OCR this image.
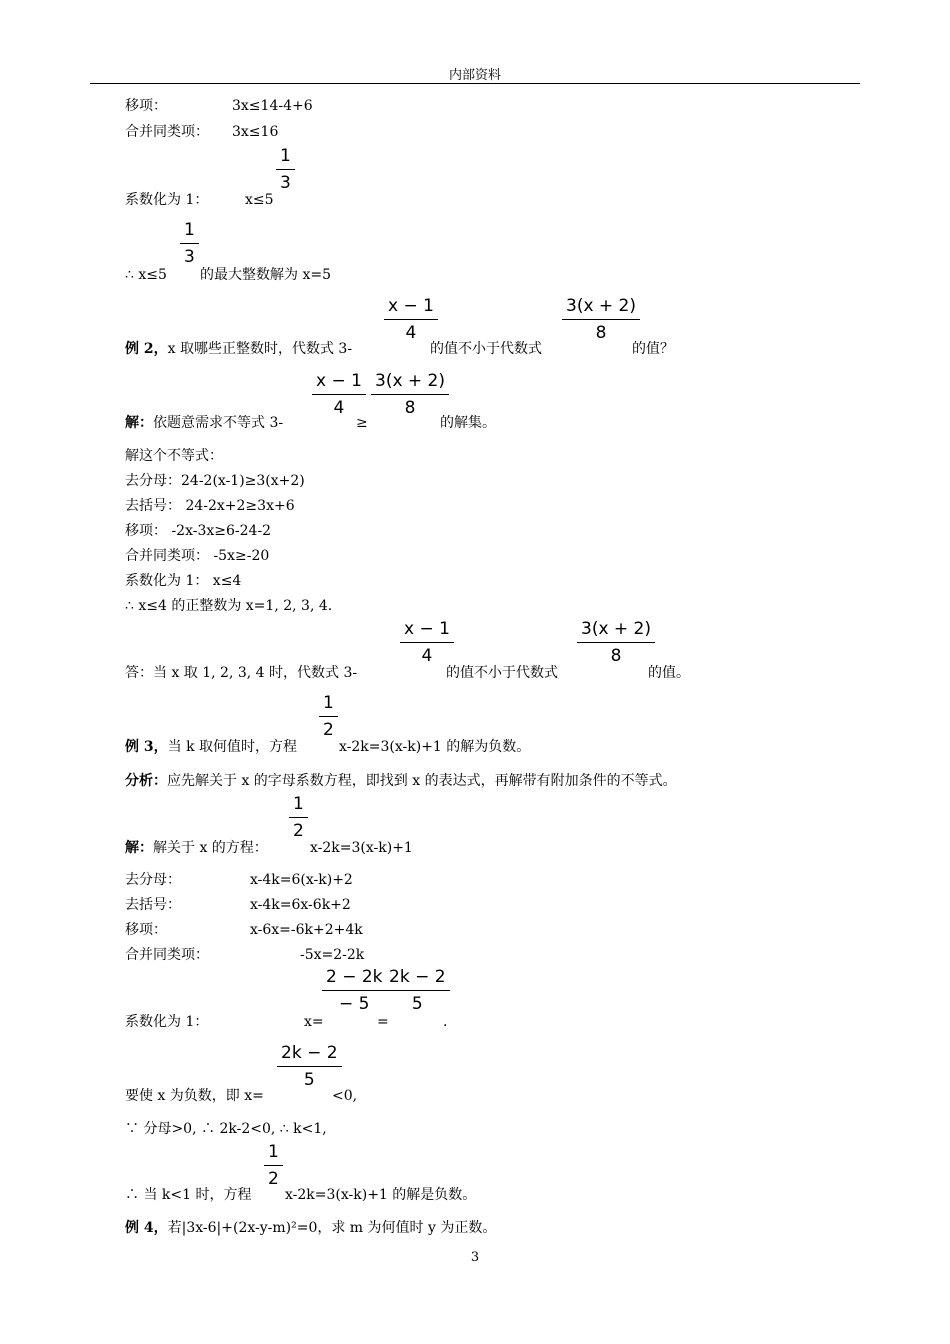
内部资料
移项：	3x≤14-4+6
合并同类项： 3x≤16
$\frac{1}{3}$
系数化为 1：	x≤5
$\frac{1}{3}$
∴ x≤5 的最大整数解为 x=5
$\frac{x - 1}{4}$	$\frac{3(x + 2)}{8}$
例 2，x 取哪些正整数时，代数式 3-	的值不小于代数式	的值？
$\frac{x - 1}{4} \frac{3(x + 2)}{8}$
解：依题意需求不等式 3-	≥	的解集。
解这个不等式：
去分母：24-2(x-1)≥3(x+2)
去括号： 24-2x+2≥3x+6
移项： -2x-3x≥6-24-2
合并同类项： -5x≥-20
系数化为 1： x≤4
∴ x≤4 的正整数为 x=1, 2, 3, 4.
$\frac{x - 1}{4}$	$\frac{3(x + 2)}{8}$
答：当 x 取 1, 2, 3, 4 时，代数式 3-	的值不小于代数式	的值。
$\frac{1}{2}$
例 3，当 k 取何值时，方程	x-2k=3(x-k)+1 的解为负数。
分析：应先解关于 x 的字母系数方程，即找到 x 的表达式，再解带有附加条件的不等式。
$\frac{1}{2}$
解：解关于 x 的方程：	x-2k=3(x-k)+1
去分母：	x-4k=6(x-k)+2
去括号：	x-4k=6x-6k+2
移项：	x-6x=-6k+2+4k
合并同类项：	-5x=2-2k
$\frac{2 - 2k}{- 5}$
$\frac{2k - 2}{5}$
系数化为 1：	x=	=	.
$\frac{2k - 2}{5}$
要使 x 为负数，即 x=	<0,
∵ 分母>0, ∴ 2k-2<0, ∴ k<1,
$\frac{1}{2}$
∴ 当 k<1 时，方程 x-2k=3(x-k)+1 的解是负数。
例 4，若|3x-6|+(2x-y-m)²=0，求 m 为何值时 y 为正数。
3
